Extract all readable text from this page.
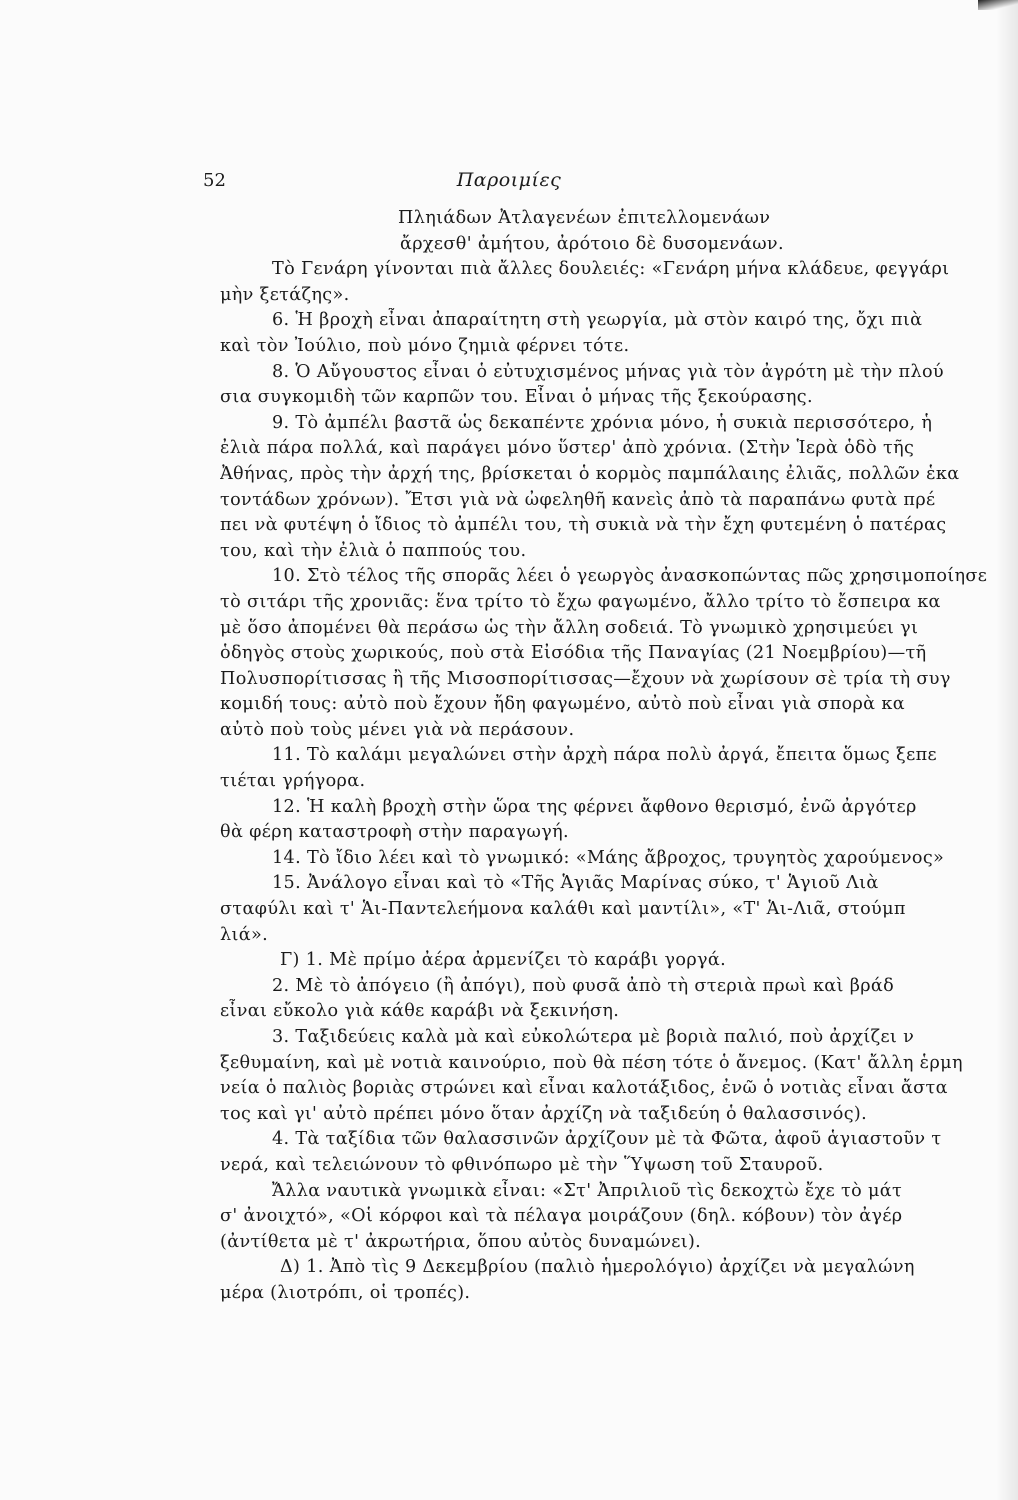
52	Παροιμίες
Πληιάδων Ἀτλαγενέων ἐπιτελλομενάων
ἄρχεσθ' ἀμήτου, ἀρότοιο δὲ δυσομενάων.
Τὸ Γενάρη γίνονται πιὰ ἄλλες δουλειές: «Γενάρη μήνα κλάδευε, φεγγάρι
μὴν ξετάζης».
6. Ἡ βροχὴ εἶναι ἀπαραίτητη στὴ γεωργία, μὰ στὸν καιρό της, ὄχι πιὰ
καὶ τὸν Ἰούλιο, ποὺ μόνο ζημιὰ φέρνει τότε.
8. Ὁ Αὔγουστος εἶναι ὁ εὐτυχισμένος μήνας γιὰ τὸν ἀγρότη μὲ τὴν πλού
σια συγκομιδὴ τῶν καρπῶν του. Εἶναι ὁ μήνας τῆς ξεκούρασης.
9. Τὸ ἀμπέλι βαστᾶ ὡς δεκαπέντε χρόνια μόνο, ἡ συκιὰ περισσότερο, ἡ
ἐλιὰ πάρα πολλά, καὶ παράγει μόνο ὕστερ' ἀπὸ χρόνια. (Στὴν Ἱερὰ ὁδὸ τῆς
Ἀθήνας, πρὸς τὴν ἀρχή της, βρίσκεται ὁ κορμὸς παμπάλαιης ἐλιᾶς, πολλῶν ἑκα
τοντάδων χρόνων). Ἔτσι γιὰ νὰ ὠφεληθῆ κανεὶς ἀπὸ τὰ παραπάνω φυτὰ πρέ
πει νὰ φυτέψη ὁ ἴδιος τὸ ἀμπέλι του, τὴ συκιὰ νὰ τὴν ἔχη φυτεμένη ὁ πατέρας
του, καὶ τὴν ἐλιὰ ὁ παππούς του.
10. Στὸ τέλος τῆς σπορᾶς λέει ὁ γεωργὸς ἀνασκοπώντας πῶς χρησιμοποίησε
τὸ σιτάρι τῆς χρονιᾶς: ἕνα τρίτο τὸ ἔχω φαγωμένο, ἄλλο τρίτο τὸ ἔσπειρα κα
μὲ ὅσο ἀπομένει θὰ περάσω ὡς τὴν ἄλλη σοδειά. Τὸ γνωμικὸ χρησιμεύει γι
ὁδηγὸς στοὺς χωρικούς, ποὺ στὰ Εἰσόδια τῆς Παναγίας (21 Νοεμβρίου)—τῆ
Πολυσπορίτισσας ἢ τῆς Μισοσπορίτισσας—ἔχουν νὰ χωρίσουν σὲ τρία τὴ συγ
κομιδή τους: αὐτὸ ποὺ ἔχουν ἤδη φαγωμένο, αὐτὸ ποὺ εἶναι γιὰ σπορὰ κα
αὐτὸ ποὺ τοὺς μένει γιὰ νὰ περάσουν.
11. Τὸ καλάμι μεγαλώνει στὴν ἀρχὴ πάρα πολὺ ἀργά, ἔπειτα ὅμως ξεπε
τιέται γρήγορα.
12. Ἡ καλὴ βροχὴ στὴν ὥρα της φέρνει ἄφθονο θερισμό, ἐνῶ ἀργότερ
θὰ φέρη καταστροφὴ στὴν παραγωγή.
14. Τὸ ἴδιο λέει καὶ τὸ γνωμικό: «Μάης ἄβροχος, τρυγητὸς χαρούμενος»
15. Ἀνάλογο εἶναι καὶ τὸ «Τῆς Ἁγιᾶς Μαρίνας σύκο, τ' Ἁγιοῦ Λιὰ
σταφύλι καὶ τ' Ἁι-Παντελεήμονα καλάθι καὶ μαντίλι», «Τ' Ἁι-Λιᾶ, στούμπ
λιά».
Γ) 1. Μὲ πρίμο ἀέρα ἀρμενίζει τὸ καράβι γοργά.
2. Μὲ τὸ ἀπόγειο (ἢ ἀπόγι), ποὺ φυσᾶ ἀπὸ τὴ στεριὰ πρωὶ καὶ βράδ
εἶναι εὔκολο γιὰ κάθε καράβι νὰ ξεκινήση.
3. Ταξιδεύεις καλὰ μὰ καὶ εὐκολώτερα μὲ βοριὰ παλιό, ποὺ ἀρχίζει ν
ξεθυμαίνη, καὶ μὲ νοτιὰ καινούριο, ποὺ θὰ πέση τότε ὁ ἄνεμος. (Κατ' ἄλλη ἑρμη
νεία ὁ παλιὸς βοριὰς στρώνει καὶ εἶναι καλοτάξιδος, ἐνῶ ὁ νοτιὰς εἶναι ἄστα
τος καὶ γι' αὐτὸ πρέπει μόνο ὅταν ἀρχίζη νὰ ταξιδεύη ὁ θαλασσινός).
4. Τὰ ταξίδια τῶν θαλασσινῶν ἀρχίζουν μὲ τὰ Φῶτα, ἀφοῦ ἁγιαστοῦν τ
νερά, καὶ τελειώνουν τὸ φθινόπωρο μὲ τὴν Ὕψωση τοῦ Σταυροῦ.
Ἄλλα ναυτικὰ γνωμικὰ εἶναι: «Στ' Ἀπριλιοῦ τὶς δεκοχτὼ ἔχε τὸ μάτ
σ' ἀνοιχτό», «Οἱ κόρφοι καὶ τὰ πέλαγα μοιράζουν (δηλ. κόβουν) τὸν ἀγέρ
(ἀντίθετα μὲ τ' ἀκρωτήρια, ὅπου αὐτὸς δυναμώνει).
Δ) 1. Ἀπὸ τὶς 9 Δεκεμβρίου (παλιὸ ἡμερολόγιο) ἀρχίζει νὰ μεγαλώνη
μέρα (λιοτρόπι, οἱ τροπές).
